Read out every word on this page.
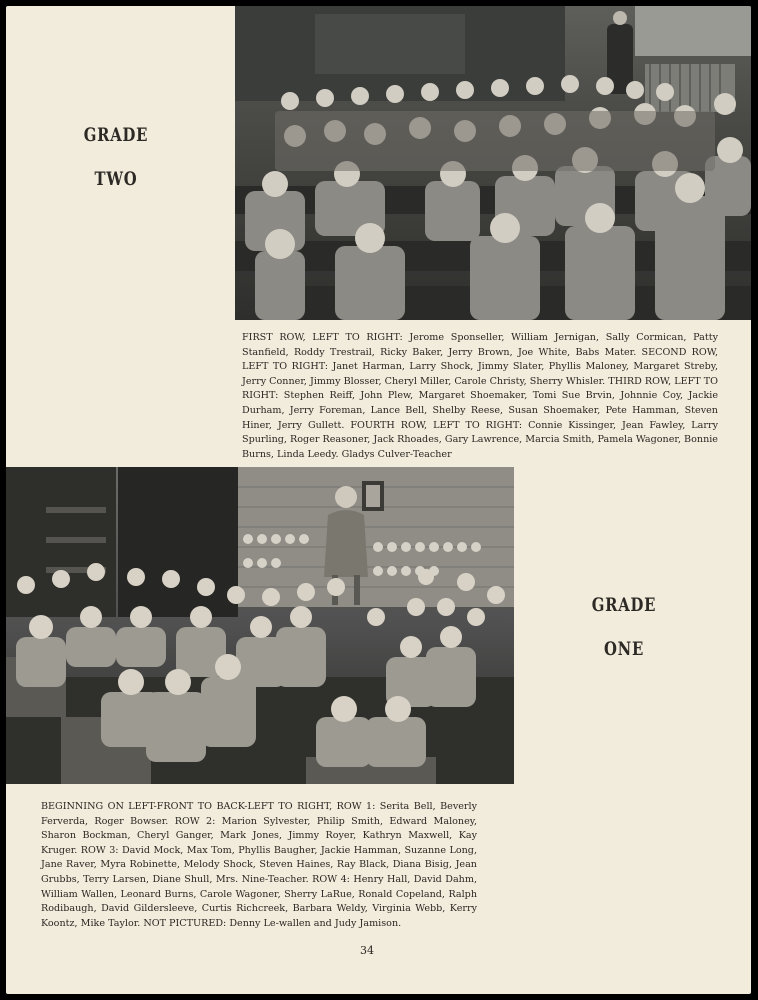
GRADE
TWO
FIRST ROW, LEFT TO RIGHT: Jerome Sponseller, William Jernigan, Sally Cormican, Patty Stanfield, Roddy Trestrail, Ricky Baker, Jerry Brown, Joe White, Babs Mater. SECOND ROW, LEFT TO RIGHT: Janet Harman, Larry Shock, Jimmy Slater, Phyllis Maloney, Margaret Streby, Jerry Conner, Jimmy Blosser, Cheryl Miller, Carole Christy, Sherry Whisler. THIRD ROW, LEFT TO RIGHT: Stephen Reiff, John Plew, Margaret Shoemaker, Tomi Sue Brvin, Johnnie Coy, Jackie Durham, Jerry Foreman, Lance Bell, Shelby Reese, Susan Shoemaker, Pete Hamman, Steven Hiner, Jerry Gullett. FOURTH ROW, LEFT TO RIGHT: Connie Kissinger, Jean Fawley, Larry Spurling, Roger Reasoner, Jack Rhoades, Gary Lawrence, Marcia Smith, Pamela Wagoner, Bonnie Burns, Linda Leedy. Gladys Culver-Teacher
GRADE
ONE
BEGINNING ON LEFT-FRONT TO BACK-LEFT TO RIGHT, ROW 1: Serita Bell, Beverly Ferverda, Roger Bowser. ROW 2: Marion Sylvester, Philip Smith, Edward Maloney, Sharon Bockman, Cheryl Ganger, Mark Jones, Jimmy Royer, Kathryn Maxwell, Kay Kruger. ROW 3: David Mock, Max Tom, Phyllis Baugher, Jackie Hamman, Suzanne Long, Jane Raver, Myra Robinette, Melody Shock, Steven Haines, Ray Black, Diana Bisig, Jean Grubbs, Terry Larsen, Diane Shull, Mrs. Nine-Teacher. ROW 4: Henry Hall, David Dahm, William Wallen, Leonard Burns, Carole Wagoner, Sherry LaRue, Ronald Copeland, Ralph Rodibaugh, David Gildersleeve, Curtis Richcreek, Barbara Weldy, Virginia Webb, Kerry Koontz, Mike Taylor. NOT PICTURED: Denny Le-wallen and Judy Jamison.
34
